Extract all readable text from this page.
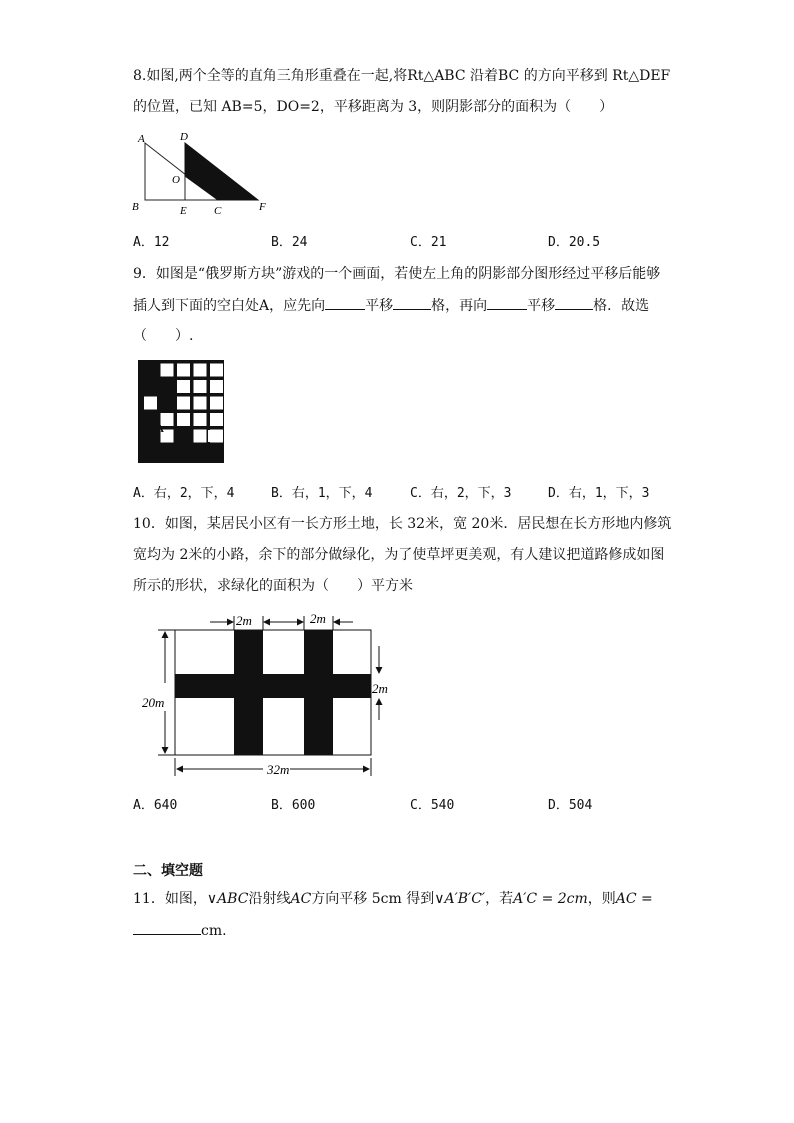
8.如图,两个全等的直角三角形重叠在一起,将Rt△ABC 沿着BC 的方向平移到 Rt△DEF
的位置，已知 AB=5，DO=2，平移距离为 3，则阴影部分的面积为（　　）
A	D
O
B	E C	F
A．12	B．24	C．21	D．20.5
9．如图是“俄罗斯方块”游戏的一个画面，若使左上角的阴影部分图形经过平移后能够
插人到下面的空白处A，应先向	平移	格，再向	平移	格．故选
（　　）.
A
A．右，2，下，4	B．右，1，下，4	C．右，2，下，3	D．右，1，下，3
10．如图，某居民小区有一长方形土地，长 32米，宽 20米．居民想在长方形地内修筑
宽均为 2米的小路，余下的部分做绿化，为了使草坪更美观，有人建议把道路修成如图
所示的形状，求绿化的面积为（　　）平方米
2m	2m
2m
20m
32m
A．640	B．600	C．540	D．504
二、填空题
11．如图，∨ABC沿射线AC方向平移 5cm 得到∨A′B′C′，若A′C = 2cm，则AC =
cm.
